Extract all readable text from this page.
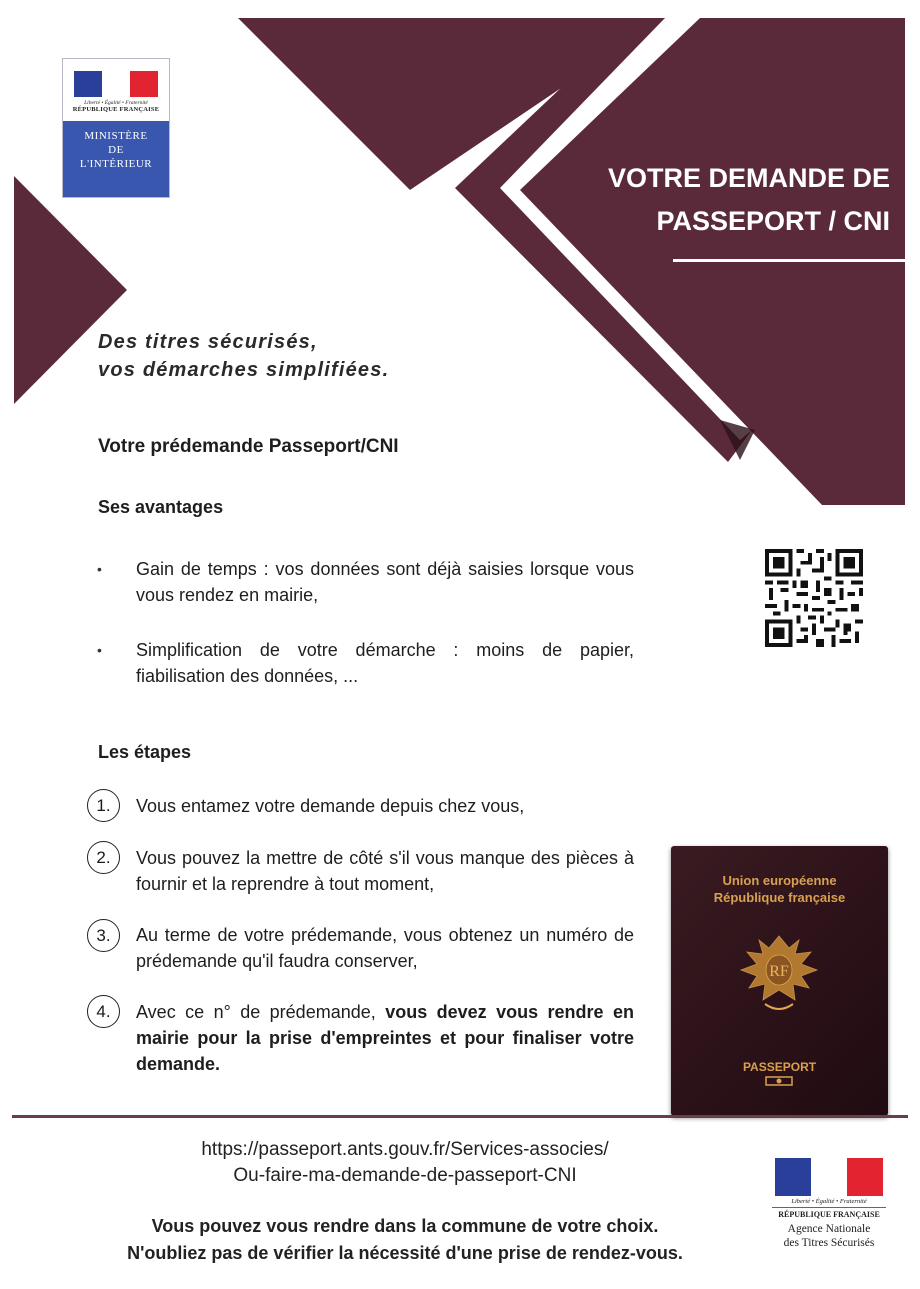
Liberté • Égalité • Fraternité
RÉPUBLIQUE FRANÇAISE
MINISTÈRE
DE
L'INTÉRIEUR	VOTRE DEMANDE DE
PASSEPORT / CNI
Des titres sécurisés,
vos démarches simplifiées.
Votre prédemande Passeport/CNI
Ses avantages
• Gain de temps : vos données sont déjà saisies lorsque vous vous rendez en mairie,
• Simplification de votre démarche : moins de papier, fiabilisation des données, ...
Les étapes
1.	Vous entamez votre demande depuis chez vous,
2.	Vous pouvez la mettre de côté s'il vous manque des pièces à fournir et la reprendre à tout moment,
3.	Au terme de votre prédemande, vous obtenez un numéro de prédemande qu'il faudra conserver,
4.	Avec ce n° de prédemande, vous devez vous rendre en mairie pour la prise d'empreintes et pour finaliser votre demande.
Union européenne
République française
RF
PASSEPORT
https://passeport.ants.gouv.fr/Services-associes/
Ou-faire-ma-demande-de-passeport-CNI
Vous pouvez vous rendre dans la commune de votre choix.
N'oubliez pas de vérifier la nécessité d'une prise de rendez-vous.
Liberté • Égalité • Fraternité
RÉPUBLIQUE FRANÇAISE
Agence Nationale
des Titres Sécurisés
